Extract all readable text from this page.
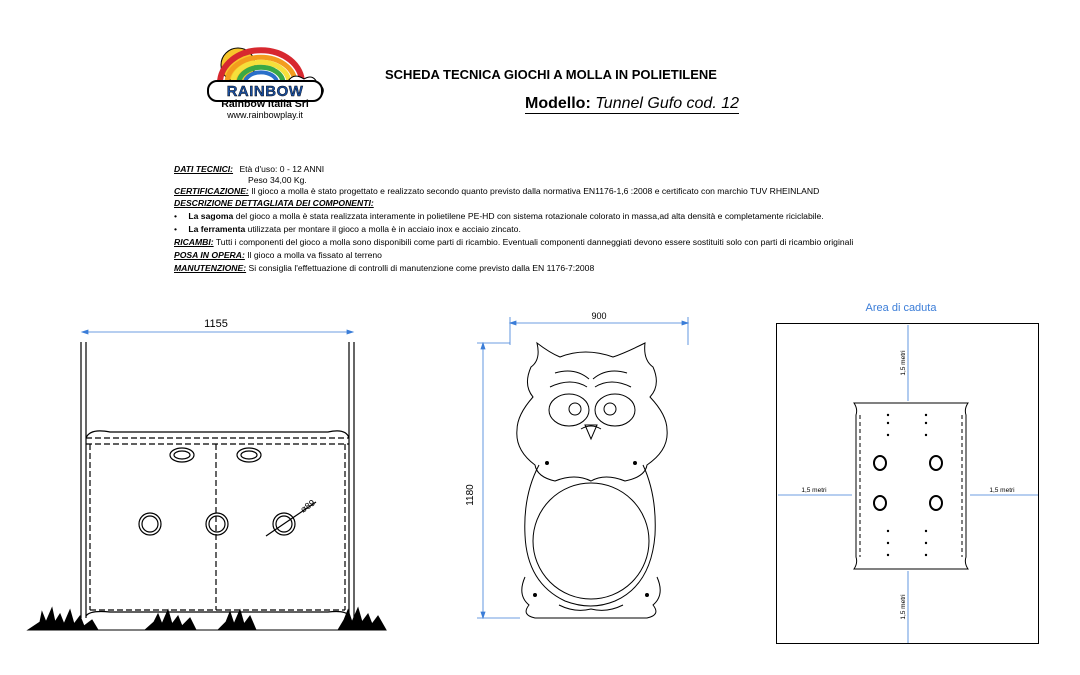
RAINBOW
Rainbow Italia Srl
www.rainbowplay.it
SCHEDA TECNICA GIOCHI A MOLLA IN POLIETILENE
Modello: Tunnel Gufo cod. 12
DATI TECNICI: Età d'uso: 0 - 12 ANNI
Peso 34,00 Kg.
CERTIFICAZIONE: Il gioco a molla è stato progettato e realizzato secondo quanto previsto dalla normativa EN1176-1,6 :2008 e certificato con marchio TUV RHEINLAND
DESCRIZIONE DETTAGLIATA DEI COMPONENTI:
• La sagoma del gioco a molla è stata realizzata interamente in polietilene PE-HD con sistema rotazionale colorato in massa,ad alta densità e completamente riciclabile.
• La ferramenta utilizzata per montare il gioco a molla è in acciaio inox e acciaio zincato.
RICAMBI: Tutti i componenti del gioco a molla sono disponibili come parti di ricambio. Eventuali componenti danneggiati devono essere sostituiti solo con parti di ricambio originali
POSA IN OPERA: Il gioco a molla va fissato al terreno
MANUTENZIONE: Si consiglia l'effettuazione di controlli di manutenzione come previsto dalla EN 1176-7:2008
1155
ø89
900
1180
Area di caduta
1,5 metri
1,5 metri	1,5 metri
1,5 metri
